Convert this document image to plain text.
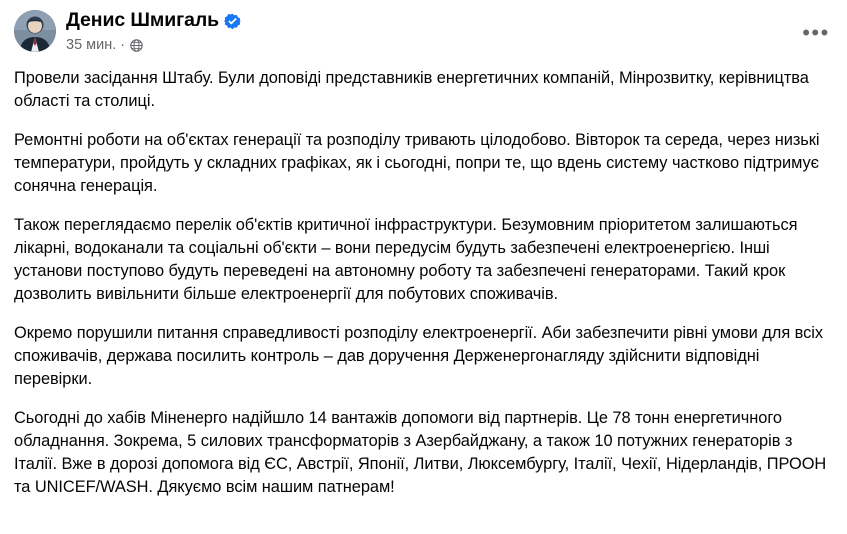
Денис Шмигаль
35 мин. ·	•••

Провели засідання Штабу. Були доповіді представників енергетичних компаній, Мінрозвитку, керівництва області та столиці.

Ремонтні роботи на об'єктах генерації та розподілу тривають цілодобово. Вівторок та середа, через низькі температури, пройдуть у складних графіках, як і сьогодні, попри те, що вдень систему частково підтримує сонячна генерація.

Також переглядаємо перелік об'єктів критичної інфраструктури. Безумовним пріоритетом залишаються лікарні, водоканали та соціальні об'єкти – вони передусім будуть забезпечені електроенергією. Інші установи поступово будуть переведені на автономну роботу та забезпечені генераторами. Такий крок дозволить вивільнити більше електроенергії для побутових споживачів.

Окремо порушили питання справедливості розподілу електроенергії. Аби забезпечити рівні умови для всіх споживачів, держава посилить контроль – дав доручення Держенергонагляду здійснити відповідні перевірки.

Сьогодні до хабів Міненерго надійшло 14 вантажів допомоги від партнерів. Це 78 тонн енергетичного обладнання. Зокрема, 5 силових трансформаторів з Азербайджану, а також 10 потужних генераторів з Італії. Вже в дорозі допомога від ЄС, Австрії, Японії, Литви, Люксембургу, Італії, Чехії, Нідерландів, ПРООН та UNICEF/WASH. Дякуємо всім нашим патнерам!
